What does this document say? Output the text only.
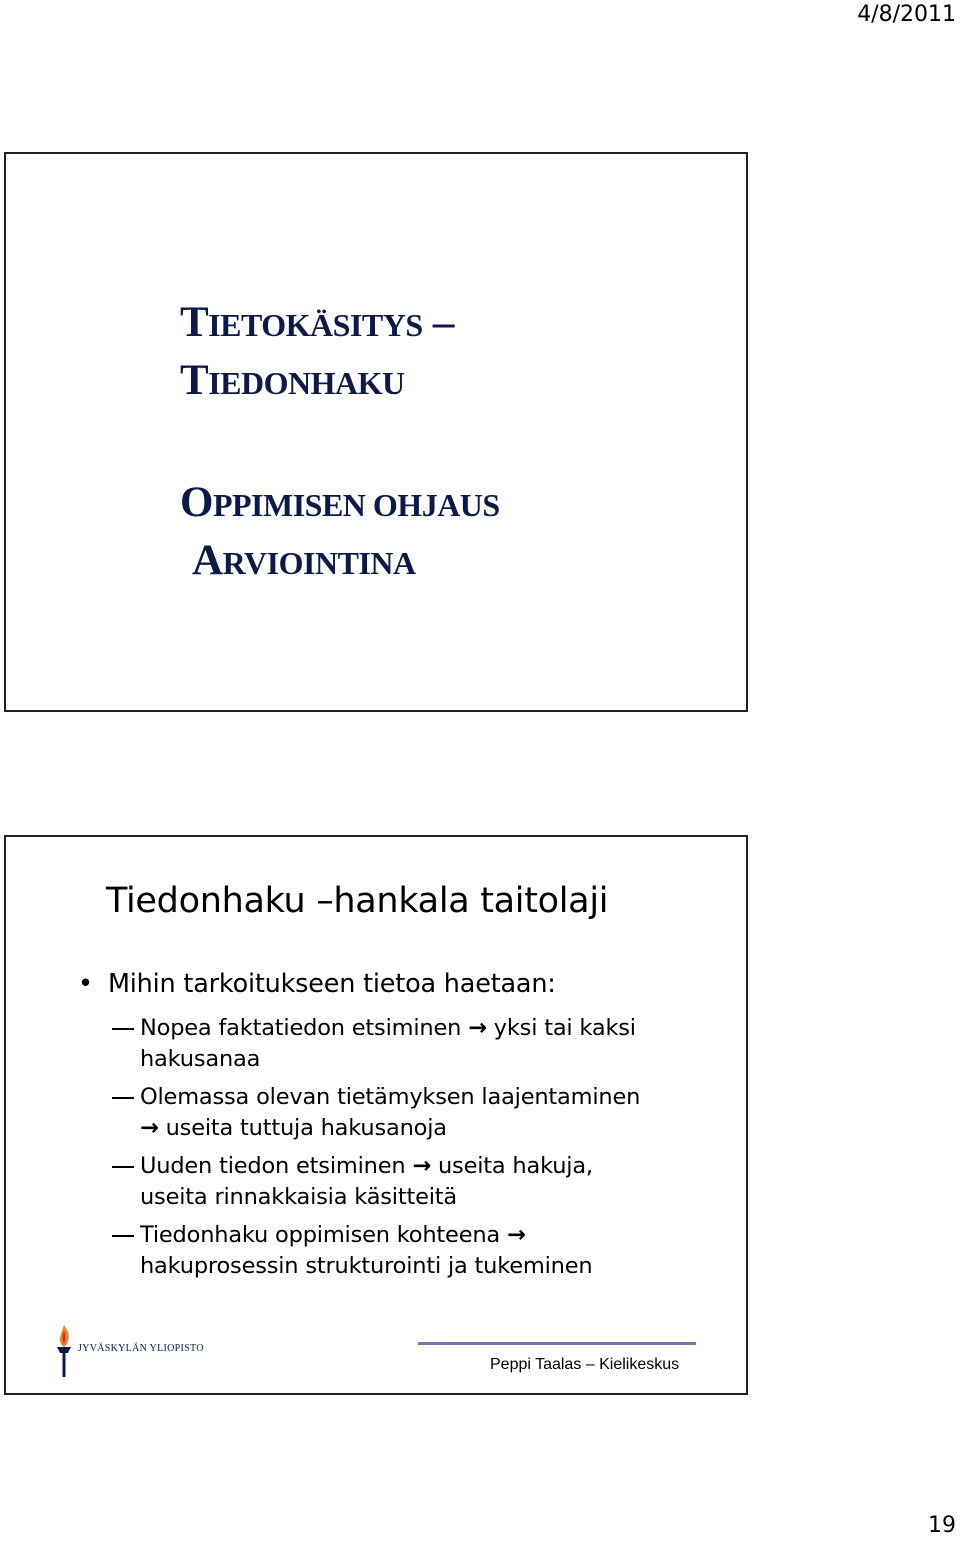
4/8/2011
TIETOKÄSITYS –
TIEDONHAKU
OPPIMISEN OHJAUS
ARVIOINTINA
Tiedonhaku –hankala taitolaji
• Mihin tarkoitukseen tietoa haetaan:
Nopea faktatiedon etsiminen → yksi tai kaksi
hakusanaa
Olemassa olevan tietämyksen laajentaminen
→ useita tuttuja hakusanoja
Uuden tiedon etsiminen → useita hakuja,
useita rinnakkaisia käsitteitä
Tiedonhaku oppimisen kohteena →
hakuprosessin strukturointi ja tukeminen
JYVÄSKYLÄN YLIOPISTO
Peppi Taalas – Kielikeskus
19
